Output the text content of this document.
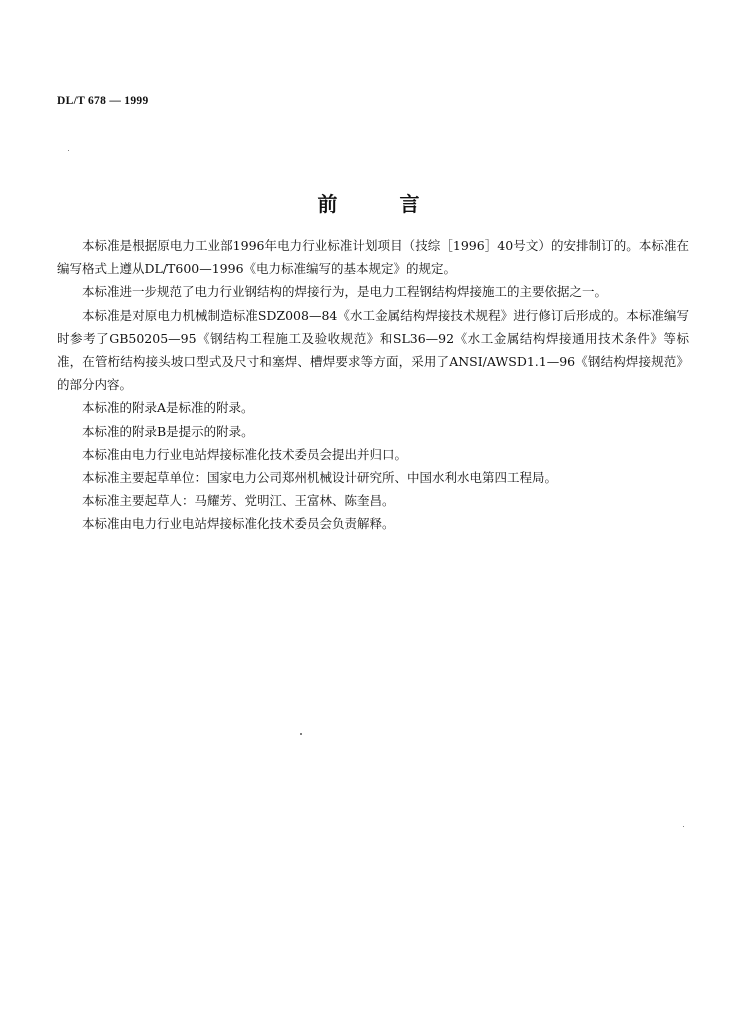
DL/T 678 — 1999
前言

本标准是根据原电力工业部1996年电力行业标准计划项目（技综［1996］40号文）的安排制订的。本标准在编写格式上遵从DL/T600—1996《电力标准编写的基本规定》的规定。

本标准进一步规范了电力行业钢结构的焊接行为，是电力工程钢结构焊接施工的主要依据之一。

本标准是对原电力机械制造标准SDZ008—84《水工金属结构焊接技术规程》进行修订后形成的。本标准编写时参考了GB50205—95《钢结构工程施工及验收规范》和SL36—92《水工金属结构焊接通用技术条件》等标准，在管桁结构接头坡口型式及尺寸和塞焊、槽焊要求等方面，采用了ANSI/AWSD1.1—96《钢结构焊接规范》的部分内容。

本标准的附录A是标准的附录。

本标准的附录B是提示的附录。

本标准由电力行业电站焊接标准化技术委员会提出并归口。

本标准主要起草单位：国家电力公司郑州机械设计研究所、中国水利水电第四工程局。

本标准主要起草人：马耀芳、党明江、王富林、陈奎昌。

本标准由电力行业电站焊接标准化技术委员会负责解释。
